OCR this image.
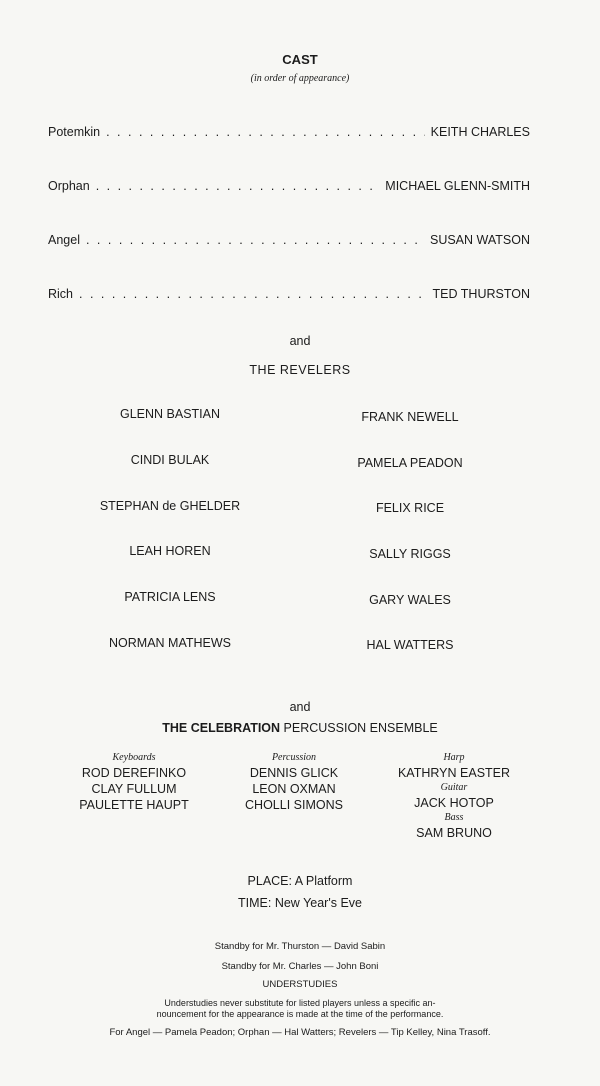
CAST
(in order of appearance)
Potemkin . . .	KEITH CHARLES
Orphan . . .	MICHAEL GLENN-SMITH
Angel . . .	SUSAN WATSON
Rich . . .	TED THURSTON
and
THE REVELERS
GLENN BASTIAN
CINDI BULAK
STEPHAN de GHELDER
LEAH HOREN
PATRICIA LENS
NORMAN MATHEWS
FRANK NEWELL
PAMELA PEADON
FELIX RICE
SALLY RIGGS
GARY WALES
HAL WATTERS
and
THE CELEBRATION PERCUSSION ENSEMBLE
Keyboards
ROD DEREFINKO
CLAY FULLUM
PAULETTE HAUPT
Percussion
DENNIS GLICK
LEON OXMAN
CHOLLI SIMONS
Harp
KATHRYN EASTER
Guitar
JACK HOTOP
Bass
SAM BRUNO
PLACE: A Platform
TIME: New Year's Eve
Standby for Mr. Thurston — David Sabin
Standby for Mr. Charles — John Boni
UNDERSTUDIES
Understudies never substitute for listed players unless a specific an-
nouncement for the appearance is made at the time of the performance.
For Angel — Pamela Peadon; Orphan — Hal Watters; Revelers — Tip Kelley, Nina Trasoff.
